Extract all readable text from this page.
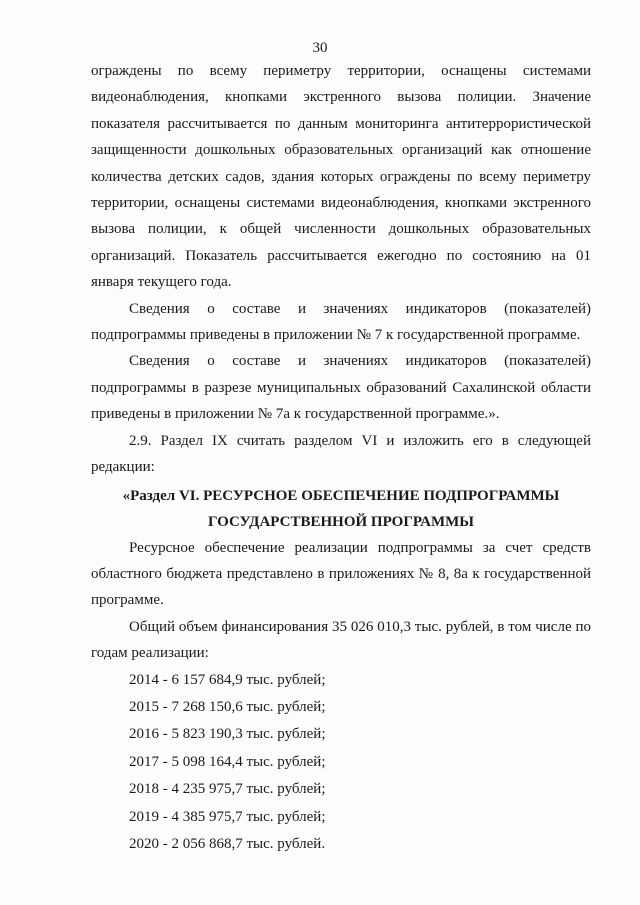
30

ограждены по всему периметру территории, оснащены системами видеонаблюдения, кнопками экстренного вызова полиции. Значение показателя рассчитывается по данным мониторинга антитеррористической защищенности дошкольных образовательных организаций как отношение количества детских садов, здания которых ограждены по всему периметру территории, оснащены системами видеонаблюдения, кнопками экстренного вызова полиции, к общей численности дошкольных образовательных организаций. Показатель рассчитывается ежегодно по состоянию на 01 января текущего года.

Сведения о составе и значениях индикаторов (показателей) подпрограммы приведены в приложении № 7 к государственной программе.

Сведения о составе и значениях индикаторов (показателей) подпрограммы в разрезе муниципальных образований Сахалинской области приведены в приложении № 7а к государственной программе.».

2.9. Раздел IX считать разделом VI и изложить его в следующей редакции:

«Раздел VI. РЕСУРСНОЕ ОБЕСПЕЧЕНИЕ ПОДПРОГРАММЫ
ГОСУДАРСТВЕННОЙ ПРОГРАММЫ

Ресурсное обеспечение реализации подпрограммы за счет средств областного бюджета представлено в приложениях № 8, 8а к государственной программе.

Общий объем финансирования 35 026 010,3 тыс. рублей, в том числе по годам реализации:

2014 - 6 157 684,9 тыс. рублей;
2015 - 7 268 150,6 тыс. рублей;
2016 - 5 823 190,3 тыс. рублей;
2017 - 5 098 164,4 тыс. рублей;
2018 - 4 235 975,7 тыс. рублей;
2019 - 4 385 975,7 тыс. рублей;
2020 - 2 056 868,7 тыс. рублей.
